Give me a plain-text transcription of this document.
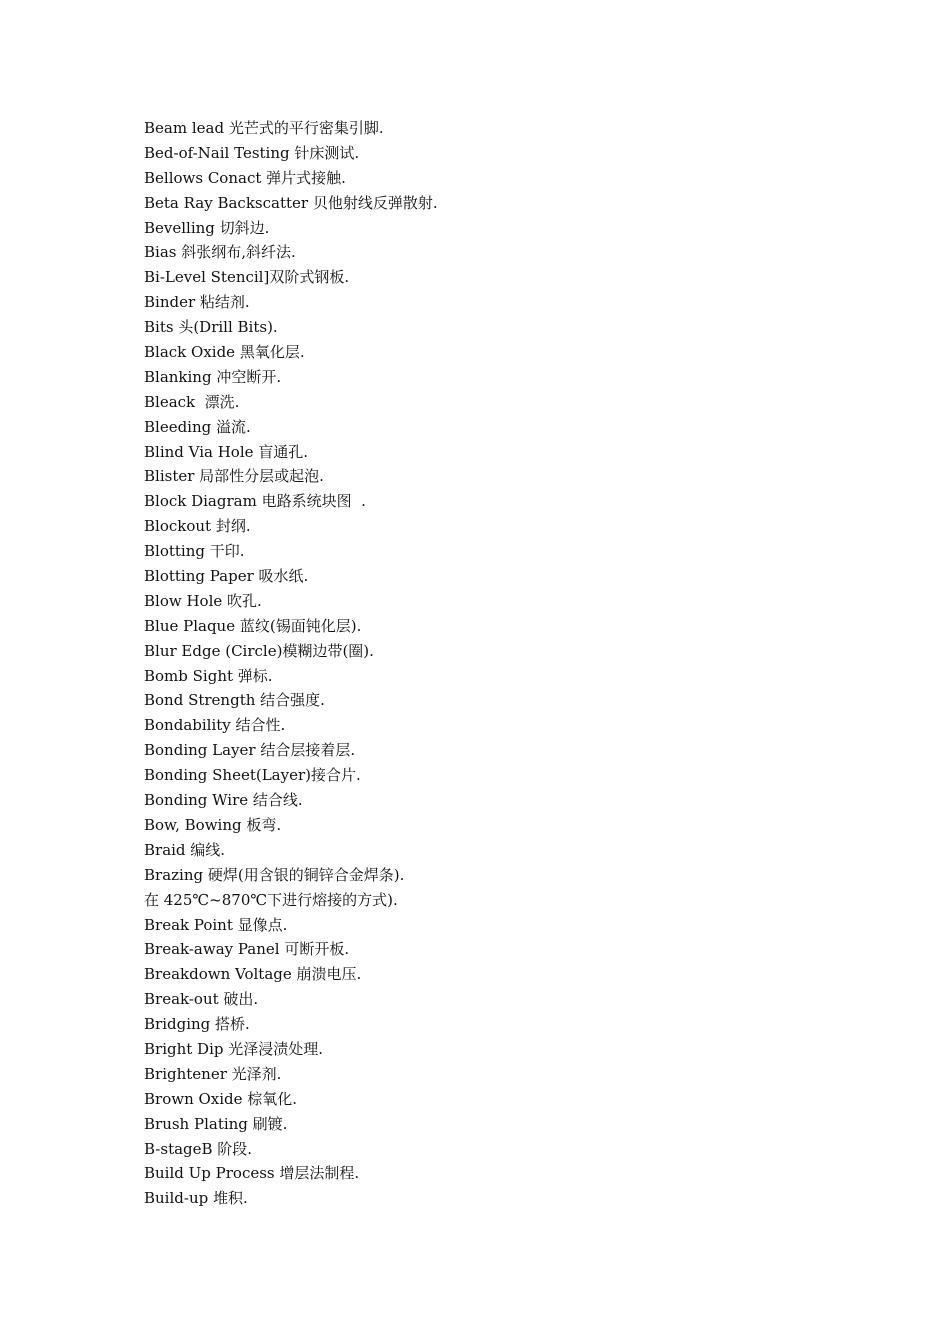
Beam lead 光芒式的平行密集引脚.
Bed-of-Nail Testing 针床测试.
Bellows Conact 弹片式接触.
Beta Ray Backscatter 贝他射线反弹散射.
Bevelling 切斜边.
Bias 斜张纲布,斜纤法.
Bi-Level Stencil]双阶式钢板.
Binder 粘结剂.
Bits 头(Drill Bits).
Black Oxide 黑氧化层.
Blanking 冲空断开.
Bleack  漂洗.
Bleeding 溢流.
Blind Via Hole 盲通孔.
Blister 局部性分层或起泡.
Block Diagram 电路系统块图  .
Blockout 封纲.
Blotting 干印.
Blotting Paper 吸水纸.
Blow Hole 吹孔.
Blue Plaque 蓝纹(锡面钝化层).
Blur Edge (Circle)模糊边带(圈).
Bomb Sight 弹标.
Bond Strength 结合强度.
Bondability 结合性.
Bonding Layer 结合层接着层.
Bonding Sheet(Layer)接合片.
Bonding Wire 结合线.
Bow, Bowing 板弯.
Braid 编线.
Brazing 硬焊(用含银的铜锌合金焊条).
在 425℃~870℃下进行熔接的方式).
Break Point 显像点.
Break-away Panel 可断开板.
Breakdown Voltage 崩溃电压.
Break-out 破出.
Bridging 搭桥.
Bright Dip 光泽浸渍处理.
Brightener 光泽剂.
Brown Oxide 棕氧化.
Brush Plating 刷镀.
B-stageB 阶段.
Build Up Process 增层法制程.
Build-up 堆积.
